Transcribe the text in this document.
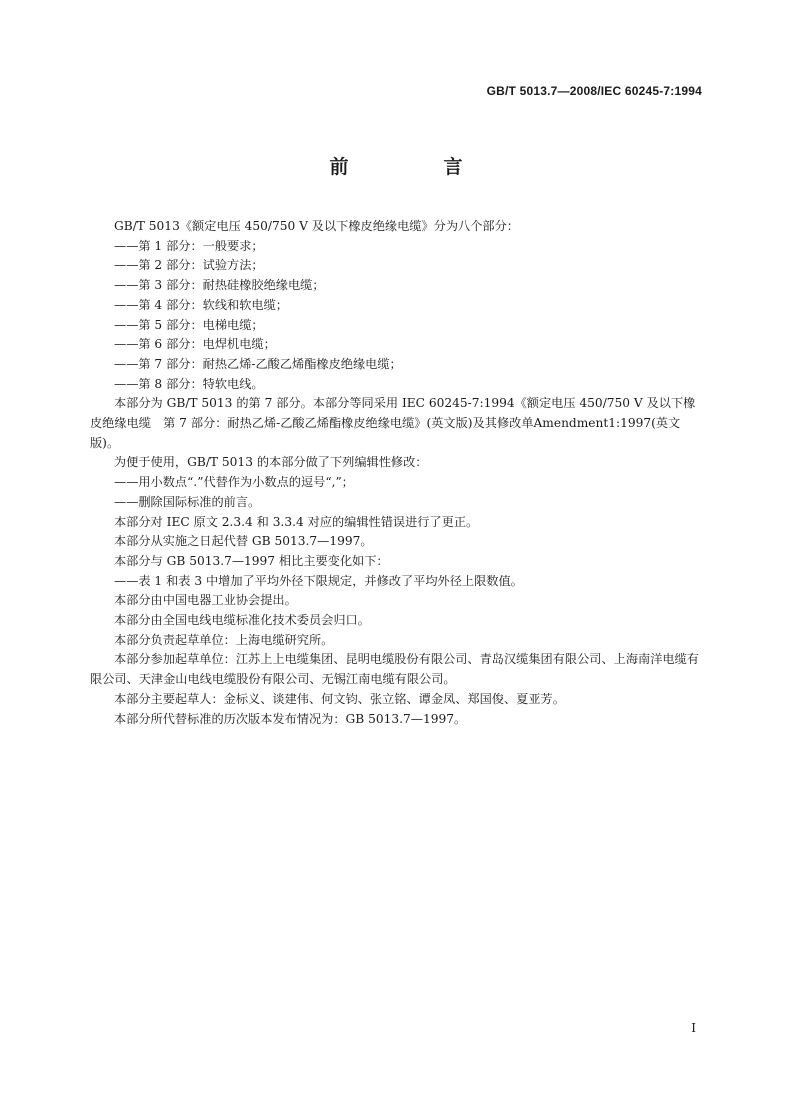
GB/T 5013.7—2008/IEC 60245-7:1994
前　言

GB/T 5013《额定电压 450/750 V 及以下橡皮绝缘电缆》分为八个部分：

——第 1 部分：一般要求；

——第 2 部分：试验方法；

——第 3 部分：耐热硅橡胶绝缘电缆；

——第 4 部分：软线和软电缆；

——第 5 部分：电梯电缆；

——第 6 部分：电焊机电缆；

——第 7 部分：耐热乙烯-乙酸乙烯酯橡皮绝缘电缆；

——第 8 部分：特软电线。

本部分为 GB/T 5013 的第 7 部分。本部分等同采用 IEC 60245-7:1994《额定电压 450/750 V 及以下橡皮绝缘电缆　第 7 部分：耐热乙烯-乙酸乙烯酯橡皮绝缘电缆》(英文版)及其修改单Amendment1:1997(英文版)。

为便于使用，GB/T 5013 的本部分做了下列编辑性修改：

——用小数点“.”代替作为小数点的逗号“,”；

——删除国际标准的前言。

本部分对 IEC 原文 2.3.4 和 3.3.4 对应的编辑性错误进行了更正。

本部分从实施之日起代替 GB 5013.7—1997。

本部分与 GB 5013.7—1997 相比主要变化如下：

——表 1 和表 3 中增加了平均外径下限规定，并修改了平均外径上限数值。

本部分由中国电器工业协会提出。

本部分由全国电线电缆标准化技术委员会归口。

本部分负责起草单位：上海电缆研究所。

本部分参加起草单位：江苏上上电缆集团、昆明电缆股份有限公司、青岛汉缆集团有限公司、上海南洋电缆有限公司、天津金山电线电缆股份有限公司、无锡江南电缆有限公司。

本部分主要起草人：金标义、谈建伟、何文钧、张立铭、谭金凤、郑国俊、夏亚芳。

本部分所代替标准的历次版本发布情况为：GB 5013.7—1997。

I
